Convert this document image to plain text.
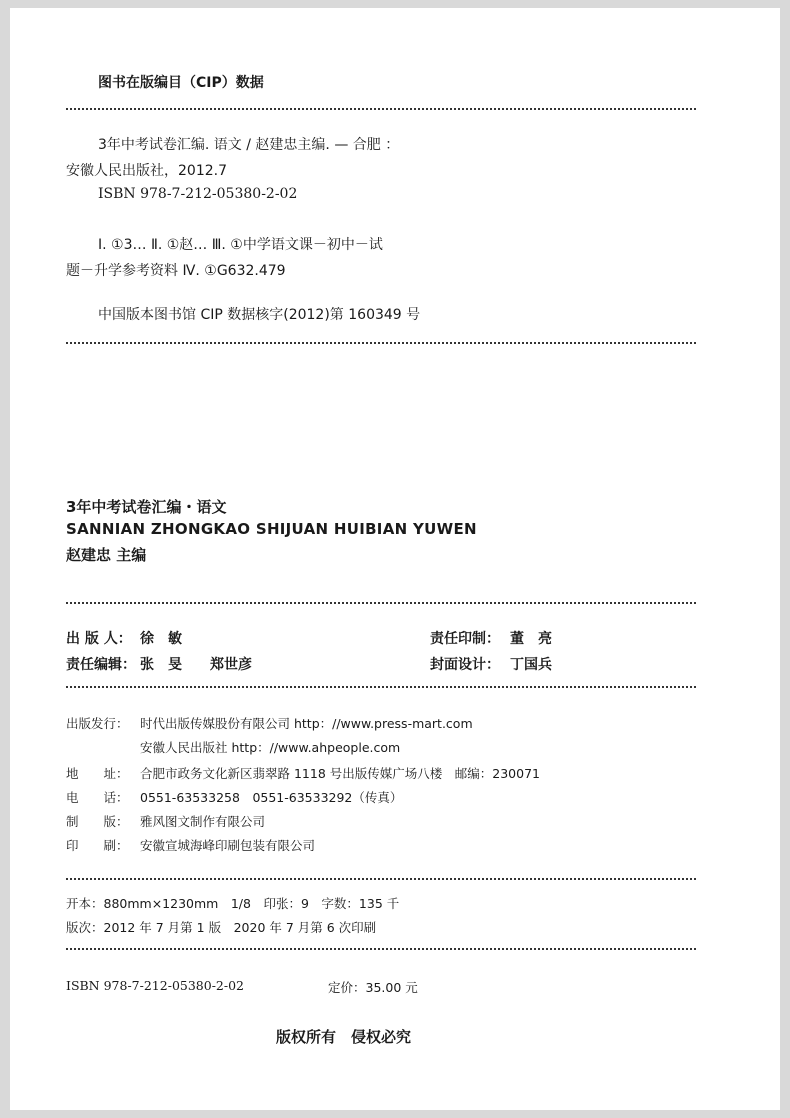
图书在版编目（CIP）数据
3年中考试卷汇编. 语文 / 赵建忠主编. — 合肥 ：
安徽人民出版社，2012.7
ISBN 978-7-212-05380-2-02
Ⅰ. ①3… Ⅱ. ①赵… Ⅲ. ①中学语文课－初中－试
题－升学参考资料 Ⅳ. ①G632.479
中国版本图书馆 CIP 数据核字(2012)第 160349 号
3年中考试卷汇编・语文
SANNIAN ZHONGKAO SHIJUAN HUIBIAN YUWEN
赵建忠 主编
出 版 人： 徐　敏	责任印制： 董　亮
责任编辑： 张　旻　　郑世彦	封面设计： 丁国兵
出版发行： 时代出版传媒股份有限公司 http：//www.press-mart.com
安徽人民出版社 http：//www.ahpeople.com
地　　址： 合肥市政务文化新区翡翠路 1118 号出版传媒广场八楼　邮编：230071
电　　话： 0551-63533258　0551-63533292（传真）
制　　版： 雅风图文制作有限公司
印　　刷： 安徽宣城海峰印刷包装有限公司
开本：880mm×1230mm　1/8　印张：9　字数：135 千
版次：2012 年 7 月第 1 版　2020 年 7 月第 6 次印刷
ISBN 978-7-212-05380-2-02	定价：35.00 元
版权所有　侵权必究
